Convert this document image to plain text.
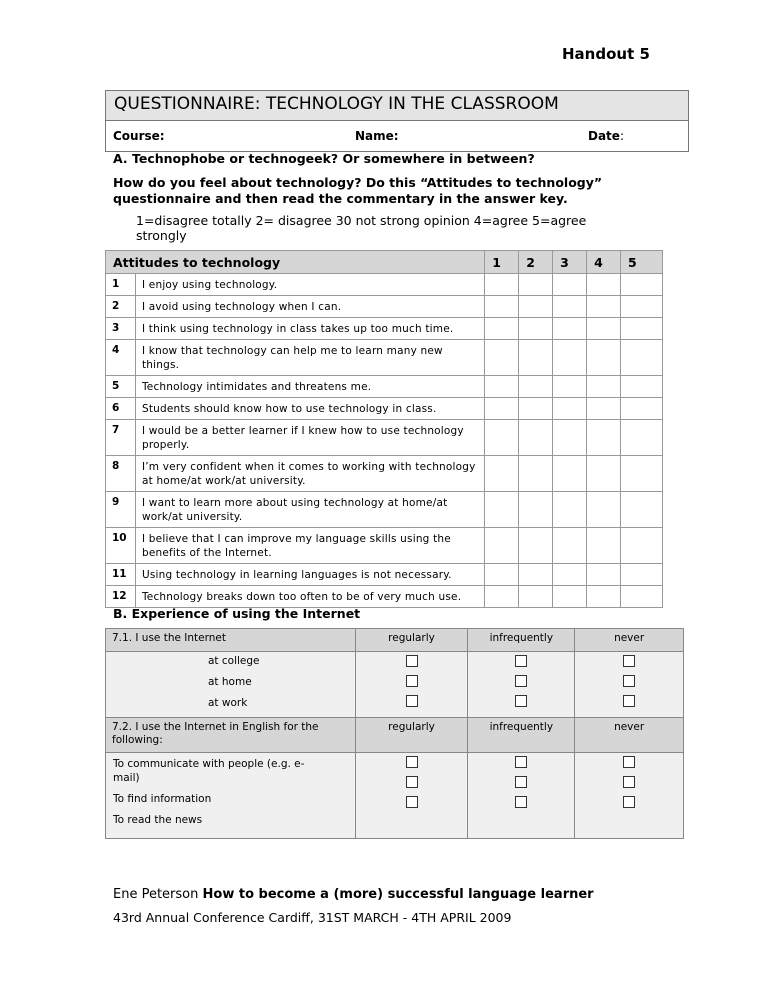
Handout 5
QUESTIONNAIRE: TECHNOLOGY IN THE CLASSROOM
Course:	Name:	Date:
A. Technophobe or technogeek? Or somewhere in between?
How do you feel about technology? Do this “Attitudes to technology” questionnaire and then read the commentary in the answer key.
1=disagree totally 2= disagree 30 not strong opinion 4=agree 5=agree strongly
Attitudes to technology		1	2	3	4	5
1	I enjoy using technology.					
2	I avoid using technology when I can.					
3	I think using technology in class takes up too much time.					
4	I know that technology can help me to learn many new things.					
5	Technology intimidates and threatens me.					
6	Students should know how to use technology in class.					
7	I would be a better learner if I knew how to use technology properly.					
8	I’m very confident when it comes to working with technology at home/at work/at university.					
9	I want to learn more about using technology at home/at work/at university.					
10	I believe that I can improve my language skills using the benefits of the Internet.					
11	Using technology in learning languages is not necessary.					
12	Technology breaks down too often to be of very much use.					
B. Experience of using the Internet
7.1. I use the Internet	regularly	infrequently	never

at college
at home
at work			

7.2. I use the Internet in English for the following:	regularly	infrequently	never

To communicate with people (e.g. e-mail)
To find information
To read the news			

Ene Peterson How to become a (more) successful language learner
43rd Annual Conference Cardiff, 31ST MARCH - 4TH APRIL 2009
